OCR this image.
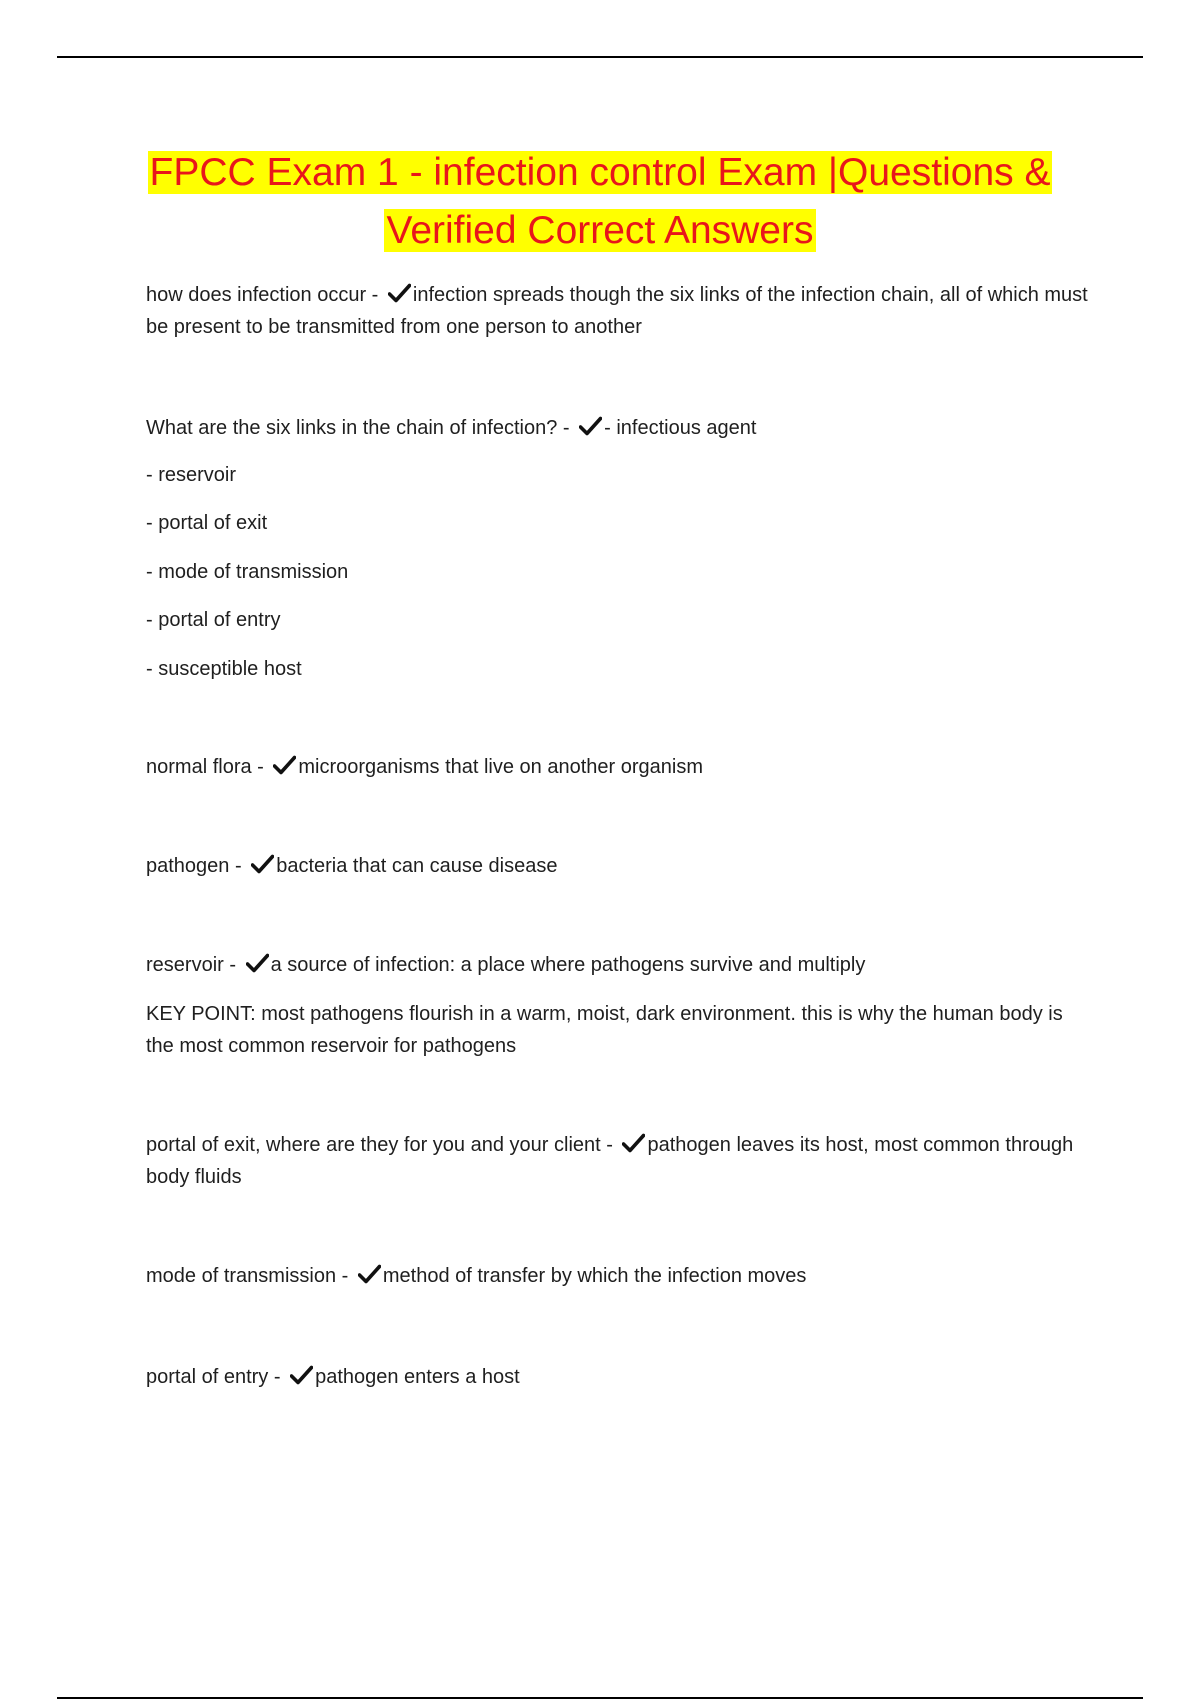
FPCC Exam 1 - infection control Exam |Questions &
Verified Correct Answers

how does infection occur - infection spreads though the six links of the infection chain, all of which must be present to be transmitted from one person to another

What are the six links in the chain of infection? - - infectious agent

- reservoir

- portal of exit

- mode of transmission

- portal of entry

- susceptible host

normal flora - microorganisms that live on another organism

pathogen - bacteria that can cause disease

reservoir - a source of infection: a place where pathogens survive and multiply

KEY POINT: most pathogens flourish in a warm, moist, dark environment. this is why the human body is the most common reservoir for pathogens

portal of exit, where are they for you and your client - pathogen leaves its host, most common through body fluids

mode of transmission - method of transfer by which the infection moves

portal of entry - pathogen enters a host
